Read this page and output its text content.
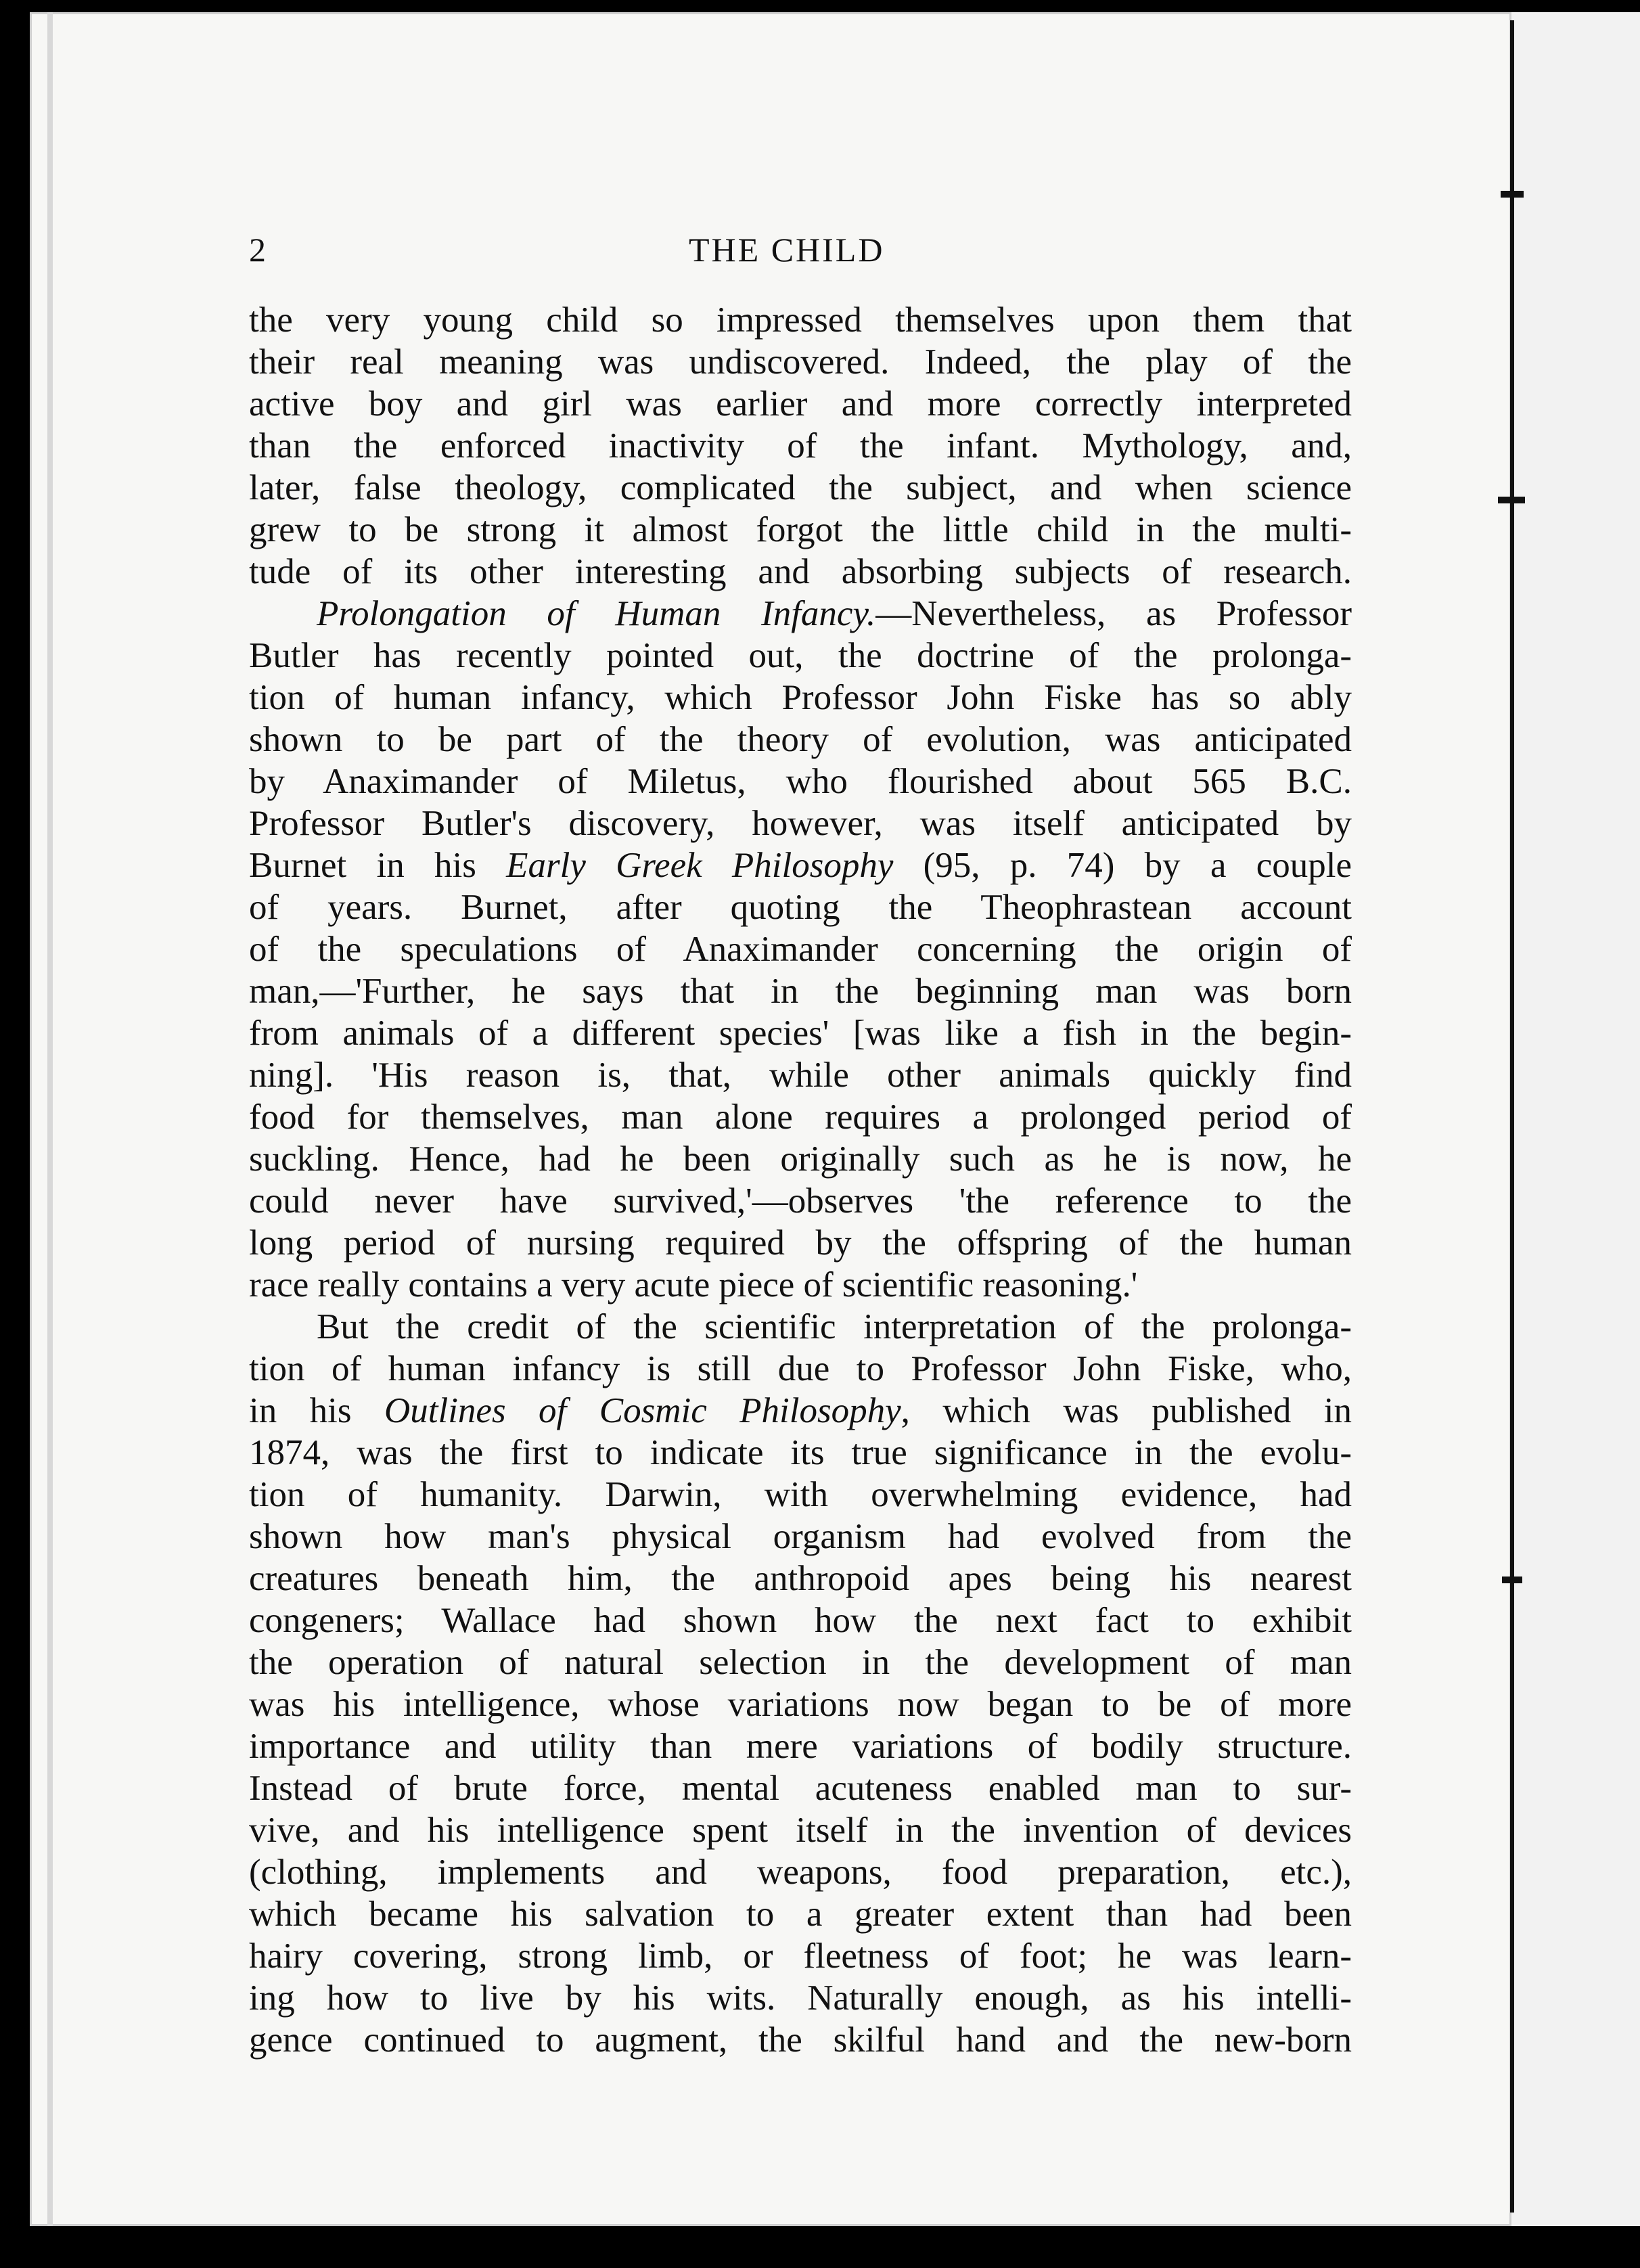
2	THE CHILD

the very young child so impressed themselves upon them that
their real meaning was undiscovered. Indeed, the play of the
active boy and girl was earlier and more correctly interpreted
than the enforced inactivity of the infant. Mythology, and,
later, false theology, complicated the subject, and when science
grew to be strong it almost forgot the little child in the multi-
tude of its other interesting and absorbing subjects of research.

Prolongation of Human Infancy.—Nevertheless, as Professor
Butler has recently pointed out, the doctrine of the prolonga-
tion of human infancy, which Professor John Fiske has so ably
shown to be part of the theory of evolution, was anticipated
by Anaximander of Miletus, who flourished about 565 B.C.
Professor Butler's discovery, however, was itself anticipated by
Burnet in his Early Greek Philosophy (95, p. 74) by a couple
of years. Burnet, after quoting the Theophrastean account
of the speculations of Anaximander concerning the origin of
man,—'Further, he says that in the beginning man was born
from animals of a different species' [was like a fish in the begin-
ning]. 'His reason is, that, while other animals quickly find
food for themselves, man alone requires a prolonged period of
suckling. Hence, had he been originally such as he is now, he
could never have survived,'—observes 'the reference to the
long period of nursing required by the offspring of the human
race really contains a very acute piece of scientific reasoning.'

But the credit of the scientific interpretation of the prolonga-
tion of human infancy is still due to Professor John Fiske, who,
in his Outlines of Cosmic Philosophy, which was published in
1874, was the first to indicate its true significance in the evolu-
tion of humanity. Darwin, with overwhelming evidence, had
shown how man's physical organism had evolved from the
creatures beneath him, the anthropoid apes being his nearest
congeners; Wallace had shown how the next fact to exhibit
the operation of natural selection in the development of man
was his intelligence, whose variations now began to be of more
importance and utility than mere variations of bodily structure.
Instead of brute force, mental acuteness enabled man to sur-
vive, and his intelligence spent itself in the invention of devices
(clothing, implements and weapons, food preparation, etc.),
which became his salvation to a greater extent than had been
hairy covering, strong limb, or fleetness of foot; he was learn-
ing how to live by his wits. Naturally enough, as his intelli-
gence continued to augment, the skilful hand and the new-born
